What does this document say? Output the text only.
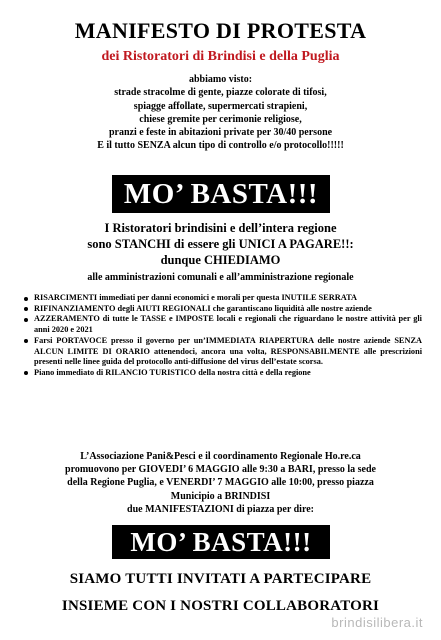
MANIFESTO DI PROTESTA
dei Ristoratori di Brindisi e della Puglia
abbiamo visto:
strade stracolme di gente, piazze colorate di tifosi,
spiagge affollate, supermercati strapieni,
chiese gremite per cerimonie religiose,
pranzi e feste in abitazioni private per 30/40 persone
E il tutto SENZA alcun tipo di controllo e/o protocollo!!!!!
MO’ BASTA!!!
I Ristoratori brindisini e dell’intera regione
sono STANCHI di essere gli UNICI A PAGARE!!:
dunque CHIEDIAMO
alle amministrazioni comunali e all’amministrazione regionale
RISARCIMENTI immediati per danni economici e morali per questa INUTILE SERRATA
RIFINANZIAMENTO degli AIUTI REGIONALI che garantiscano liquidità alle nostre aziende
AZZERAMENTO di tutte le TASSE e IMPOSTE locali e regionali che riguardano le nostre attività per gli anni 2020 e 2021
Farsi PORTAVOCE presso il governo per un’IMMEDIATA RIAPERTURA delle nostre aziende SENZA ALCUN LIMITE DI ORARIO attenendoci, ancora una volta, RESPONSABILMENTE alle prescrizioni presenti nelle linee guida del protocollo anti-diffusione del virus dell’estate scorsa.
Piano immediato di RILANCIO TURISTICO della nostra città e della regione
L’Associazione Pani&Pesci e il coordinamento Regionale Ho.re.ca
promuovono per GIOVEDI’ 6 MAGGIO alle 9:30 a BARI, presso la sede
della Regione Puglia, e VENERDI’ 7 MAGGIO alle 10:00, presso piazza
Municipio a BRINDISI
due MANIFESTAZIONI di piazza per dire:
MO’ BASTA!!!
SIAMO TUTTI INVITATI A PARTECIPARE
INSIEME CON I NOSTRI COLLABORATORI
brindisilibera.it
